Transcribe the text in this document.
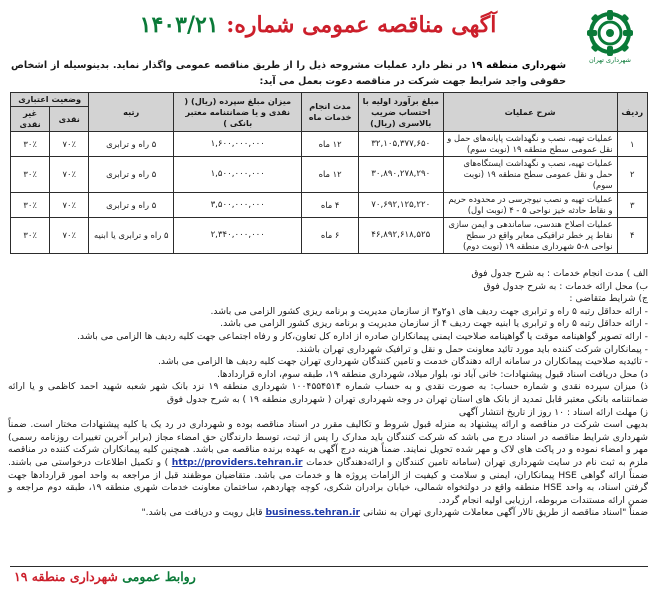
شهرداری تهران
آگهی مناقصه عمومی شماره: ۱۴۰۳/۲۱
شهرداری منطقه ۱۹ در نظر دارد عملیات مشروحه ذیل را از طریق مناقصه عمومی واگذار نماید. بدینوسیله از اشخاص حقوقی واجد شرایط جهت شرکت در مناقصه دعوت بعمل می آید:
ردیف	شرح عملیات	مبلغ برآورد اولیه با احتساب ضریب بالاسری (ریال)	مدت انجام خدمات ماه	میزان مبلغ سپرده (ریال) ( نقدی و یا ضمانتنامه معتبر بانکی )	رتبه	وضعیت اعتباری	
						نقدی	غیر نقدی
۱	عملیات تهیه، نصب و نگهداشت پایانه‌های حمل و نقل عمومی سطح منطقه ۱۹ (نوبت سوم)	۳۲,۱۰۵,۳۷۷,۶۵۰	۱۲ ماه	۱,۶۰۰,۰۰۰,۰۰۰	۵ راه و ترابری	۷۰٪	۳۰٪
۲	عملیات تهیه، نصب و نگهداشت ایستگاه‌های حمل و نقل عمومی سطح منطقه ۱۹ (نوبت سوم)	۳۰,۸۹۰,۲۷۸,۲۹۰	۱۲ ماه	۱,۵۰۰,۰۰۰,۰۰۰	۵ راه و ترابری	۷۰٪	۳۰٪
۳	عملیات تهیه و نصب نیوجرسی در محدوده حریم و نقاط حادثه خیز نواحی ۵ - ۴ (نوبت اول)	۷۰,۶۹۲,۱۲۵,۲۲۰	۴ ماه	۳,۵۰۰,۰۰۰,۰۰۰	۵ راه و ترابری	۷۰٪	۳۰٪
۴	عملیات اصلاح هندسی، ساماندهی و ایمن سازی نقاط پر خطر ترافیکی معابر واقع در سطح نواحی ۸-۵ شهرداری منطقه ۱۹ (نوبت دوم)	۴۶,۸۹۲,۶۱۸,۵۲۵	۶ ماه	۲,۳۴۰,۰۰۰,۰۰۰	۵ راه و ترابری یا ابنیه	۷۰٪	۳۰٪

الف ) مدت انجام خدمات : به شرح جدول فوق

ب) محل ارائه خدمات : به شرح جدول فوق

ج) شرایط متقاضی :

- ارائه حداقل رتبه ۵ راه و ترابری جهت ردیف های ۱و۲و۳ از سازمان مدیریت و برنامه ریزی کشور الزامی می باشد.

- ارائه حداقل رتبه ۵ راه و ترابری یا ابنیه جهت ردیف ۴ از سازمان مدیریت و برنامه ریزی کشور الزامی می باشد.

- ارائه تصویر گواهینامه موقت یا گواهینامه صلاحیت ایمنی پیمانکاران صادره از اداره کل تعاون،کار و رفاه اجتماعی جهت کلیه ردیف ها الزامی می باشد.

- پیمانکاران شرکت کننده باید مورد تائید معاونت حمل و نقل و ترافیک شهرداری تهران باشند.

- تائیدیه صلاحیت پیمانکاران در سامانه ارائه دهندگان خدمت و تامین کنندگان شهرداری تهران جهت کلیه ردیف ها الزامی می باشد.

د) محل دریافت اسناد قبول پیشنهادات: خانی آباد نو، بلوار میلاد، شهرداری منطقه ۱۹، طبقه سوم، اداره قراردادها.

ذ) میزان سپرده نقدی و شماره حساب: به صورت نقدی و به حساب شماره ۱۰۰۴۵۵۴۵۱۴ شهرداری منطقه ۱۹ نزد بانک شهر شعبه شهید احمد کاظمی و یا ارائه ضمانتنامه بانکی معتبر قابل تمدید از بانک های استان تهران در وجه شهرداری تهران ( شهرداری منطقه ۱۹ ) به شرح جدول فوق

ز) مهلت ارائه اسناد : ۱۰ روز از تاریخ انتشار آگهی

بدیهی است شرکت در مناقصه و ارائه پیشنهاد به منزله قبول شروط و تکالیف مقرر در اسناد مناقصه بوده و شهرداری در رد یک یا کلیه پیشنهادات مختار است. ضمناً شهرداری شرایط مناقصه در اسناد درج می باشد که شرکت کنندگان باید مدارک را پس از ثبت، توسط دارندگان حق امضاء مجاز (برابر آخرین تغییرات روزنامه رسمی) مهر و امضاء نموده و در پاکت های لاک و مهر شده تحویل نمایند. ضمناً هزینه درج آگهی به عهده برنده مناقصه می باشد. همچنین کلیه پیمانکاران شرکت کننده در مناقصه ملزم به ثبت نام در سایت شهرداری تهران (سامانه تامین کنندگان و ارائه‌دهندگان خدمات http://providers.tehran.ir ) و تکمیل اطلاعات درخواستی می باشند. ضمناً ارائه گواهی HSE پیمانکاران، ایمنی و سلامت و کیفیت از الزامات پروژه ها و خدمات می باشد. متقاضیان موظفند قبل از مراجعه به واحد امور قراردادها جهت گرفتن اسناد، به واحد HSE منطقه واقع در دولتخواه شمالی، خیابان برادران شکری، کوچه چهاردهم، ساختمان معاونت خدمات شهری منطقه ۱۹، طبقه دوم مراجعه و ضمن ارائه مستندات مربوطه، ارزیابی اولیه انجام گردد.

ضمناً "اسناد مناقصه از طریق تالار آگهی معاملات شهرداری تهران به نشانی business.tehran.ir قابل رویت و دریافت می باشد."

روابط عمومی شهرداری منطقه ۱۹
